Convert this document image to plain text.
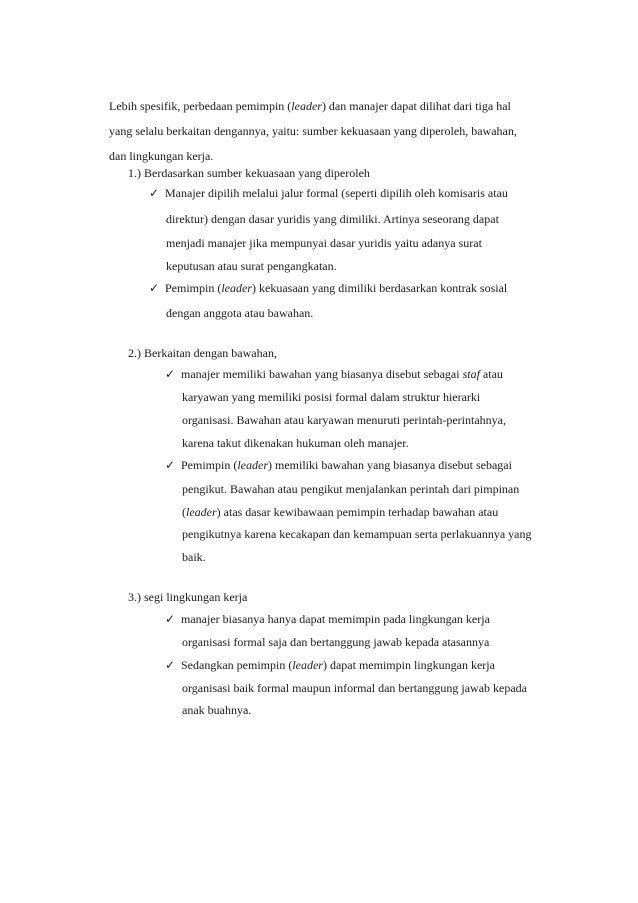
Lebih spesifik, perbedaan pemimpin (leader) dan manajer dapat dilihat dari tiga hal
yang selalu berkaitan dengannya, yaitu: sumber kekuasaan yang diperoleh, bawahan,
dan lingkungan kerja.
1.) Berdasarkan sumber kekuasaan yang diperoleh
✓ Manajer dipilih melalui jalur formal (seperti dipilih oleh komisaris atau
direktur) dengan dasar yuridis yang dimiliki. Artinya seseorang dapat
menjadi manajer jika mempunyai dasar yuridis yaitu adanya surat
keputusan atau surat pengangkatan.
✓ Pemimpin (leader) kekuasaan yang dimiliki berdasarkan kontrak sosial
dengan anggota atau bawahan.
2.) Berkaitan dengan bawahan,
✓ manajer memiliki bawahan yang biasanya disebut sebagai staf atau
karyawan yang memiliki posisi formal dalam struktur hierarki
organisasi. Bawahan atau karyawan menuruti perintah-perintahnya,
karena takut dikenakan hukuman oleh manajer.
✓ Pemimpin (leader) memiliki bawahan yang biasanya disebut sebagai
pengikut. Bawahan atau pengikut menjalankan perintah dari pimpinan
(leader) atas dasar kewibawaan pemimpin terhadap bawahan atau
pengikutnya karena kecakapan dan kemampuan serta perlakuannya yang
baik.
3.) segi lingkungan kerja
✓ manajer biasanya hanya dapat memimpin pada lingkungan kerja
organisasi formal saja dan bertanggung jawab kepada atasannya
✓ Sedangkan pemimpin (leader) dapat memimpin lingkungan kerja
organisasi baik formal maupun informal dan bertanggung jawab kepada
anak buahnya.
